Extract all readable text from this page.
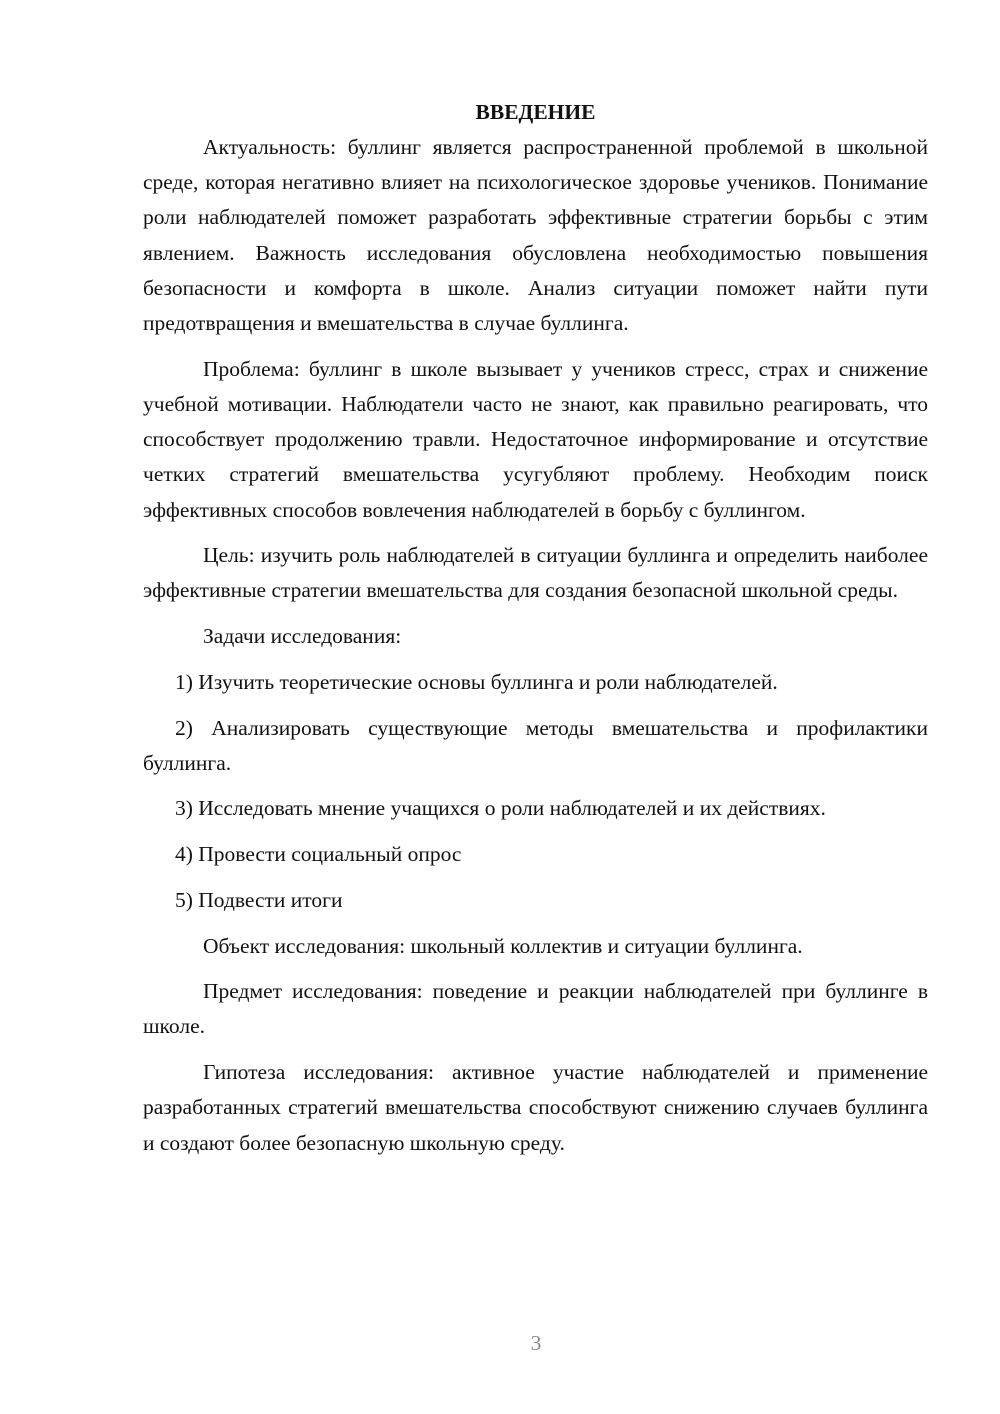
ВВЕДЕНИЕ

Актуальность: буллинг является распространенной проблемой в школьной среде, которая негативно влияет на психологическое здоровье учеников. Понимание роли наблюдателей поможет разработать эффективные стратегии борьбы с этим явлением. Важность исследования обусловлена необходимостью повышения безопасности и комфорта в школе. Анализ ситуации поможет найти пути предотвращения и вмешательства в случае буллинга.

Проблема: буллинг в школе вызывает у учеников стресс, страх и снижение учебной мотивации. Наблюдатели часто не знают, как правильно реагировать, что способствует продолжению травли. Недостаточное информирование и отсутствие четких стратегий вмешательства усугубляют проблему. Необходим поиск эффективных способов вовлечения наблюдателей в борьбу с буллингом.

Цель: изучить роль наблюдателей в ситуации буллинга и определить наиболее эффективные стратегии вмешательства для создания безопасной школьной среды.

Задачи исследования:

1) Изучить теоретические основы буллинга и роли наблюдателей.

2) Анализировать существующие методы вмешательства и профилактики буллинга.

3) Исследовать мнение учащихся о роли наблюдателей и их действиях.

4) Провести социальный опрос

5) Подвести итоги

Объект исследования: школьный коллектив и ситуации буллинга.

Предмет исследования: поведение и реакции наблюдателей при буллинге в школе.

Гипотеза исследования: активное участие наблюдателей и применение разработанных стратегий вмешательства способствуют снижению случаев буллинга и создают более безопасную школьную среду.

3
